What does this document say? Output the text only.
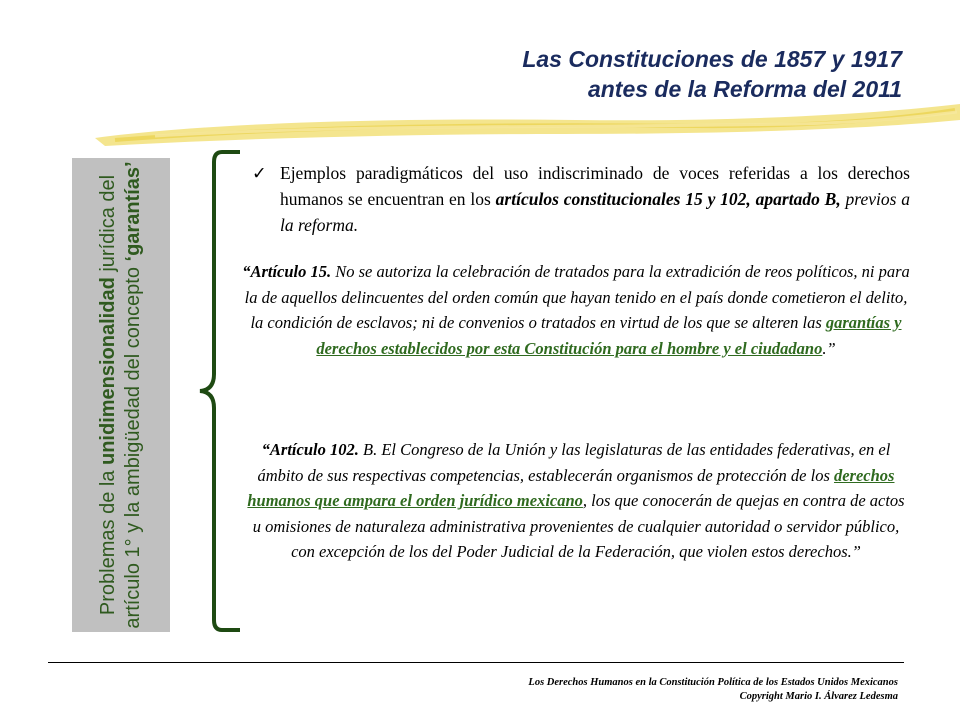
Las Constituciones de 1857 y 1917
antes de la Reforma del 2011
Problemas de la unidimensionalidad jurídica del artículo 1° y la ambigüedad del concepto ‘garantías’	✓ Ejemplos paradigmáticos del uso indiscriminado de voces referidas a los derechos humanos se encuentran en los artículos constitucionales 15 y 102, apartado B, previos a la reforma.
“Artículo 15. No se autoriza la celebración de tratados para la extradición de reos políticos, ni para la de aquellos delincuentes del orden común que hayan tenido en el país donde cometieron el delito, la condición de esclavos; ni de convenios o tratados en virtud de los que se alteren las garantías y derechos establecidos por esta Constitución para el hombre y el ciudadano.”
“Artículo 102. B. El Congreso de la Unión y las legislaturas de las entidades federativas, en el ámbito de sus respectivas competencias, establecerán organismos de protección de los derechos humanos que ampara el orden jurídico mexicano, los que conocerán de quejas en contra de actos u omisiones de naturaleza administrativa provenientes de cualquier autoridad o servidor público, con excepción de los del Poder Judicial de la Federación, que violen estos derechos.”
Los Derechos Humanos en la Constitución Política de los Estados Unidos Mexicanos
Copyright Mario I. Álvarez Ledesma
